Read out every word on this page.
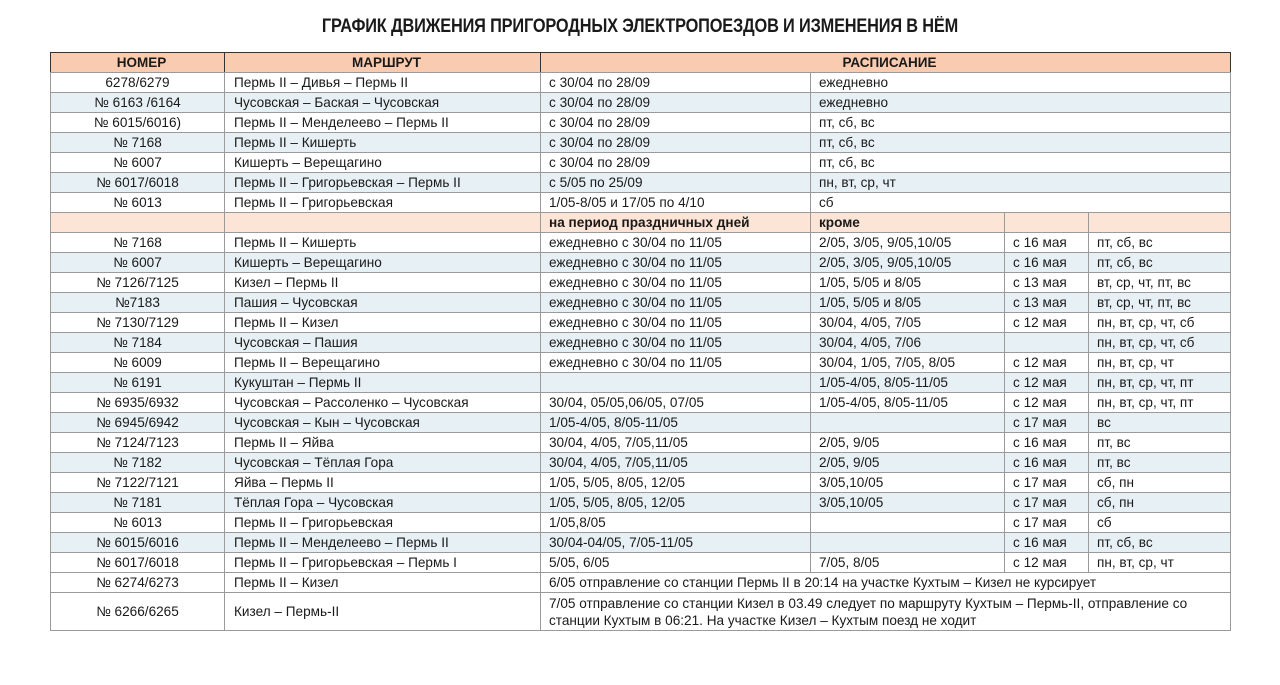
ГРАФИК ДВИЖЕНИЯ ПРИГОРОДНЫХ ЭЛЕКТРОПОЕЗДОВ И ИЗМЕНЕНИЯ В НЁМ
НОМЕР	МАРШРУТ	РАСПИСАНИЕ			
6278/6279	Пермь II – Дивья – Пермь II	с 30/04 по 28/09	ежедневно		
№ 6163 /6164	Чусовская – Баская – Чусовская	с 30/04 по 28/09	ежедневно		
№ 6015/6016)	Пермь II – Менделеево – Пермь II	с 30/04 по 28/09	пт, сб, вс		
№ 7168	Пермь II – Кишерть	с 30/04 по 28/09	пт, сб, вс		
№ 6007	Кишерть – Верещагино	с 30/04 по 28/09	пт, сб, вс		
№ 6017/6018	Пермь II – Григорьевская – Пермь II	с 5/05 по 25/09	пн, вт, ср, чт		
№ 6013	Пермь II – Григорьевская	1/05-8/05 и 17/05 по 4/10	сб		
		на период праздничных дней	кроме		
№ 7168	Пермь II – Кишерть	ежедневно с 30/04 по 11/05	2/05, 3/05, 9/05,10/05	с 16 мая	пт, сб, вс
№ 6007	Кишерть – Верещагино	ежедневно с 30/04 по 11/05	2/05, 3/05, 9/05,10/05	с 16 мая	пт, сб, вс
№ 7126/7125	Кизел – Пермь II	ежедневно с 30/04 по 11/05	1/05, 5/05 и 8/05	с 13 мая	вт, ср, чт, пт, вс
№7183	Пашия – Чусовская	ежедневно с 30/04 по 11/05	1/05, 5/05 и 8/05	с 13 мая	вт, ср, чт, пт, вс
№ 7130/7129	Пермь II – Кизел	ежедневно с 30/04 по 11/05	30/04, 4/05, 7/05	с 12 мая	пн, вт, ср, чт, сб
№ 7184	Чусовская – Пашия	ежедневно с 30/04 по 11/05	30/04, 4/05, 7/06		пн, вт, ср, чт, сб
№ 6009	Пермь II – Верещагино	ежедневно с 30/04 по 11/05	30/04, 1/05, 7/05, 8/05	с 12 мая	пн, вт, ср, чт
№ 6191	Кукуштан – Пермь II		1/05-4/05, 8/05-11/05	с 12 мая	пн, вт, ср, чт, пт
№ 6935/6932	Чусовская – Рассоленко – Чусовская	30/04, 05/05,06/05, 07/05	1/05-4/05, 8/05-11/05	с 12 мая	пн, вт, ср, чт, пт
№ 6945/6942	Чусовская – Кын – Чусовская	1/05-4/05, 8/05-11/05		с 17 мая	вс
№ 7124/7123	Пермь II – Яйва	30/04, 4/05, 7/05,11/05	2/05, 9/05	с 16 мая	пт, вс
№ 7182	Чусовская – Тёплая Гора	30/04, 4/05, 7/05,11/05	2/05, 9/05	с 16 мая	пт, вс
№ 7122/7121	Яйва – Пермь II	1/05, 5/05, 8/05, 12/05	3/05,10/05	с 17 мая	сб, пн
№ 7181	Тёплая Гора – Чусовская	1/05, 5/05, 8/05, 12/05	3/05,10/05	с 17 мая	сб, пн
№ 6013	Пермь II – Григорьевская	1/05,8/05		с 17 мая	сб
№ 6015/6016	Пермь II – Менделеево – Пермь II	30/04-04/05, 7/05-11/05		с 16 мая	пт, сб, вс
№ 6017/6018	Пермь II – Григорьевская – Пермь I	5/05, 6/05	7/05, 8/05	с 12 мая	пн, вт, ср, чт
№ 6274/6273	Пермь II – Кизел	6/05 отправление со станции Пермь II в 20:14 на участке Кухтым – Кизел не курсирует			
№ 6266/6265	Кизел – Пермь-II	7/05 отправление со станции Кизел в 03.49 следует по маршруту Кухтым – Пермь-II, отправление со станции Кухтым в 06:21. На участке Кизел – Кухтым поезд не ходит			
